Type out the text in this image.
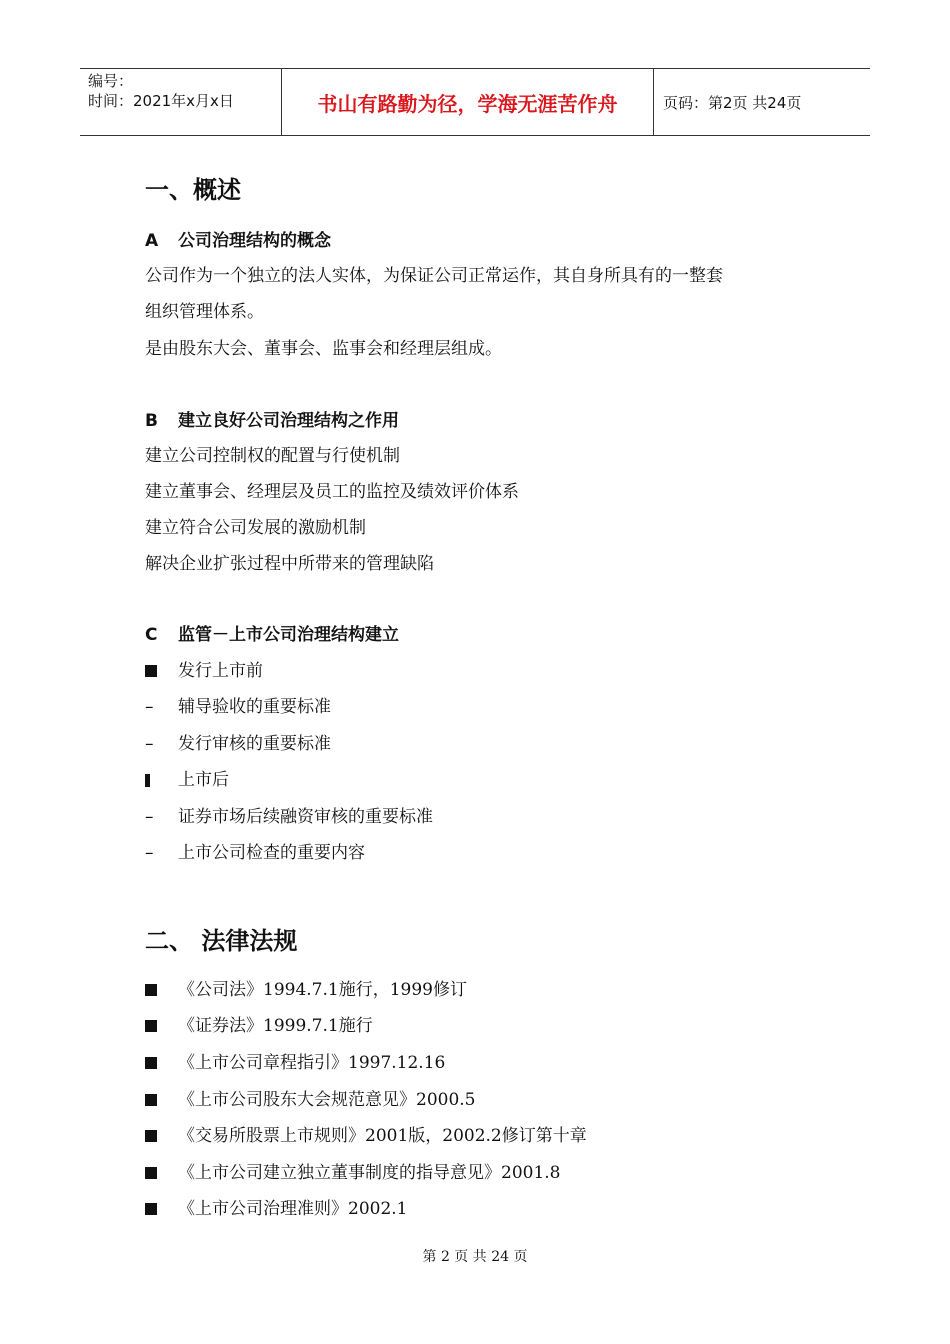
编号：
时间：2021年x月x日	书山有路勤为径，学海无涯苦作舟	页码：第2页 共24页
一、概述
A 公司治理结构的概念
公司作为一个独立的法人实体，为保证公司正常运作，其自身所具有的一整套
组织管理体系。
是由股东大会、董事会、监事会和经理层组成。
B 建立良好公司治理结构之作用
建立公司控制权的配置与行使机制
建立董事会、经理层及员工的监控及绩效评价体系
建立符合公司发展的激励机制
解决企业扩张过程中所带来的管理缺陷
C 监管－上市公司治理结构建立
发行上市前
– 辅导验收的重要标准
– 发行审核的重要标准
上市后
– 证券市场后续融资审核的重要标准
– 上市公司检查的重要内容
二、 法律法规
《公司法》1994.7.1施行，1999修订
《证券法》1999.7.1施行
《上市公司章程指引》1997.12.16
《上市公司股东大会规范意见》2000.5
《交易所股票上市规则》2001版，2002.2修订第十章
《上市公司建立独立董事制度的指导意见》2001.8
《上市公司治理准则》2002.1
第 2 页 共 24 页
